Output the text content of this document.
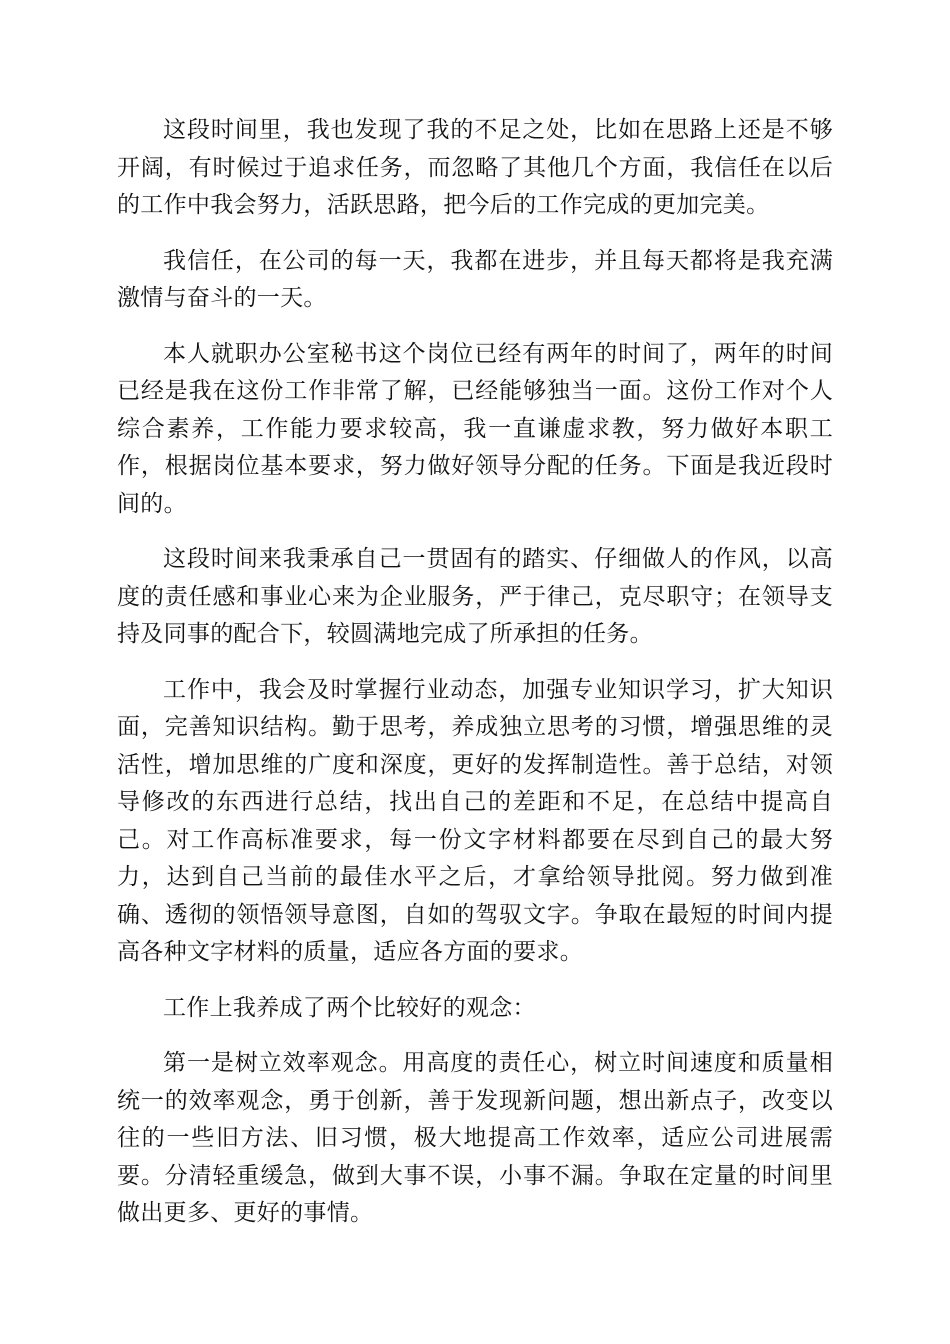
这段时间里，我也发现了我的不足之处，比如在思路上还是不够开阔，有时候过于追求任务，而忽略了其他几个方面，我信任在以后的工作中我会努力，活跃思路，把今后的工作完成的更加完美。

我信任，在公司的每一天，我都在进步，并且每天都将是我充满激情与奋斗的一天。

本人就职办公室秘书这个岗位已经有两年的时间了，两年的时间已经是我在这份工作非常了解，已经能够独当一面。这份工作对个人综合素养，工作能力要求较高，我一直谦虚求教，努力做好本职工作，根据岗位基本要求，努力做好领导分配的任务。下面是我近段时间的。

这段时间来我秉承自己一贯固有的踏实、仔细做人的作风，以高度的责任感和事业心来为企业服务，严于律己，克尽职守；在领导支持及同事的配合下，较圆满地完成了所承担的任务。

工作中，我会及时掌握行业动态，加强专业知识学习，扩大知识面，完善知识结构。勤于思考，养成独立思考的习惯，增强思维的灵活性，增加思维的广度和深度，更好的发挥制造性。善于总结，对领导修改的东西进行总结，找出自己的差距和不足，在总结中提高自己。对工作高标准要求，每一份文字材料都要在尽到自己的最大努力，达到自己当前的最佳水平之后，才拿给领导批阅。努力做到准确、透彻的领悟领导意图，自如的驾驭文字。争取在最短的时间内提高各种文字材料的质量，适应各方面的要求。

工作上我养成了两个比较好的观念：

第一是树立效率观念。用高度的责任心，树立时间速度和质量相统一的效率观念，勇于创新，善于发现新问题，想出新点子，改变以往的一些旧方法、旧习惯，极大地提高工作效率，适应公司进展需要。分清轻重缓急，做到大事不误，小事不漏。争取在定量的时间里做出更多、更好的事情。
